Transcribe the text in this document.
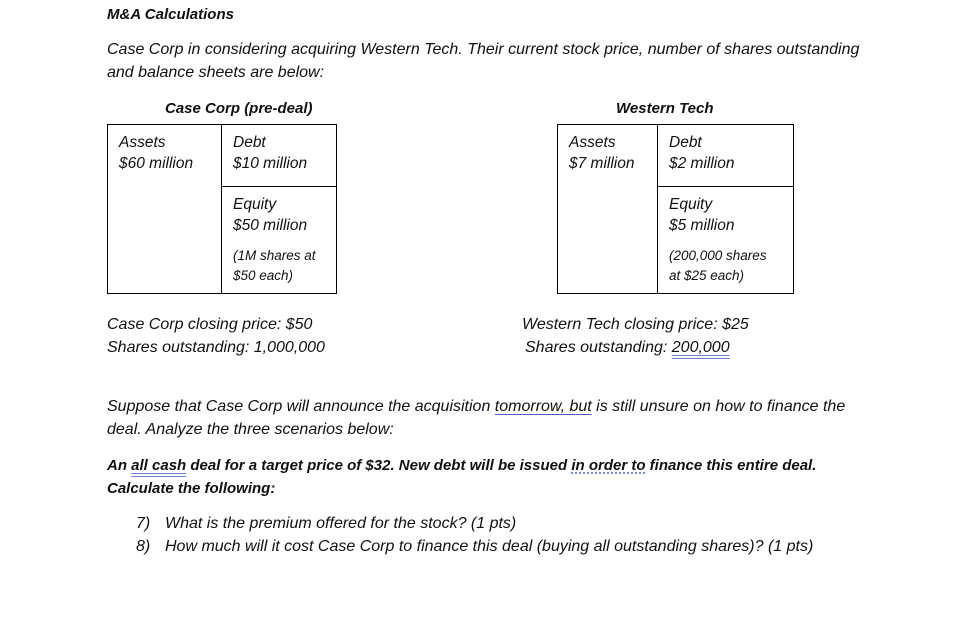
M&A Calculations
Case Corp in considering acquiring Western Tech. Their current stock price, number of shares outstanding
and balance sheets are below:
Case Corp (pre-deal)
Assets
$60 million
Debt
$10 million
Equity
$50 million
(1M shares at
$50 each)
Western Tech
Assets
$7 million
Debt
$2 million
Equity
$5 million
(200,000 shares
at $25 each)
Case Corp closing price: $50
Shares outstanding: 1,000,000
Western Tech closing price: $25
Shares outstanding: 200,000
Suppose that Case Corp will announce the acquisition tomorrow, but is still unsure on how to finance the
deal. Analyze the three scenarios below:
An all cash deal for a target price of $32. New debt will be issued in order to finance this entire deal.
Calculate the following:
7) What is the premium offered for the stock? (1 pts)
8) How much will it cost Case Corp to finance this deal (buying all outstanding shares)? (1 pts)
